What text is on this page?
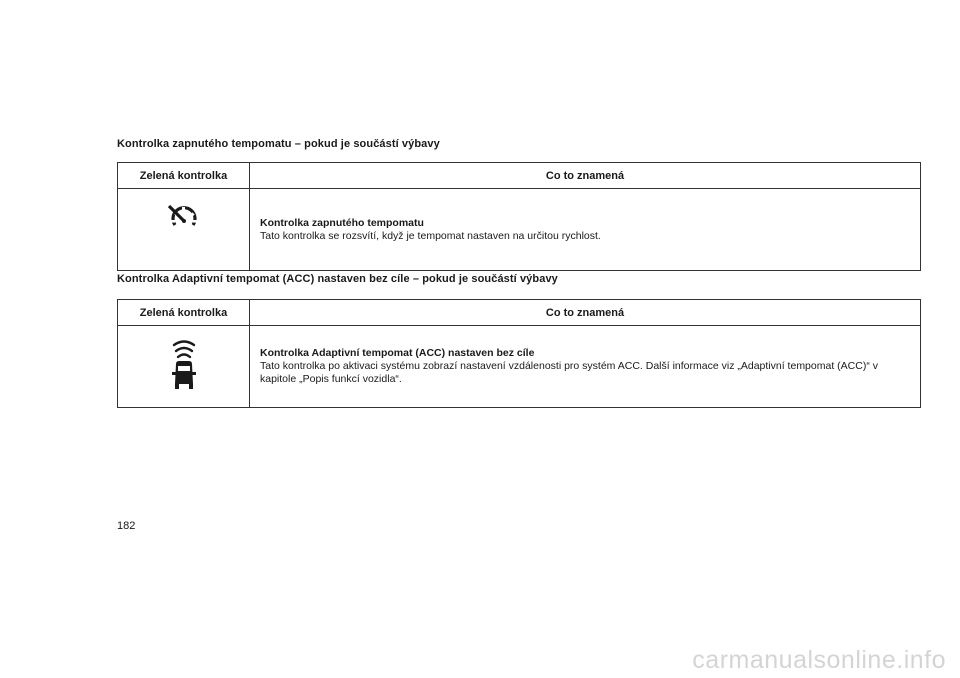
Kontrolka zapnutého tempomatu – pokud je součástí výbavy
Zelená kontrolka	Co to znamená

Kontrolka zapnutého tempomatu
Tato kontrolka se rozsvítí, když je tempomat nastaven na určitou rychlost.
Kontrolka Adaptivní tempomat (ACC) nastaven bez cíle – pokud je součástí výbavy
Zelená kontrolka	Co to znamená

Kontrolka Adaptivní tempomat (ACC) nastaven bez cíle
Tato kontrolka po aktivaci systému zobrazí nastavení vzdálenosti pro systém ACC. Další informace viz „Adaptivní tempomat (ACC)“ v kapitole „Popis funkcí vozidla“.
182
carmanualsonline.info
